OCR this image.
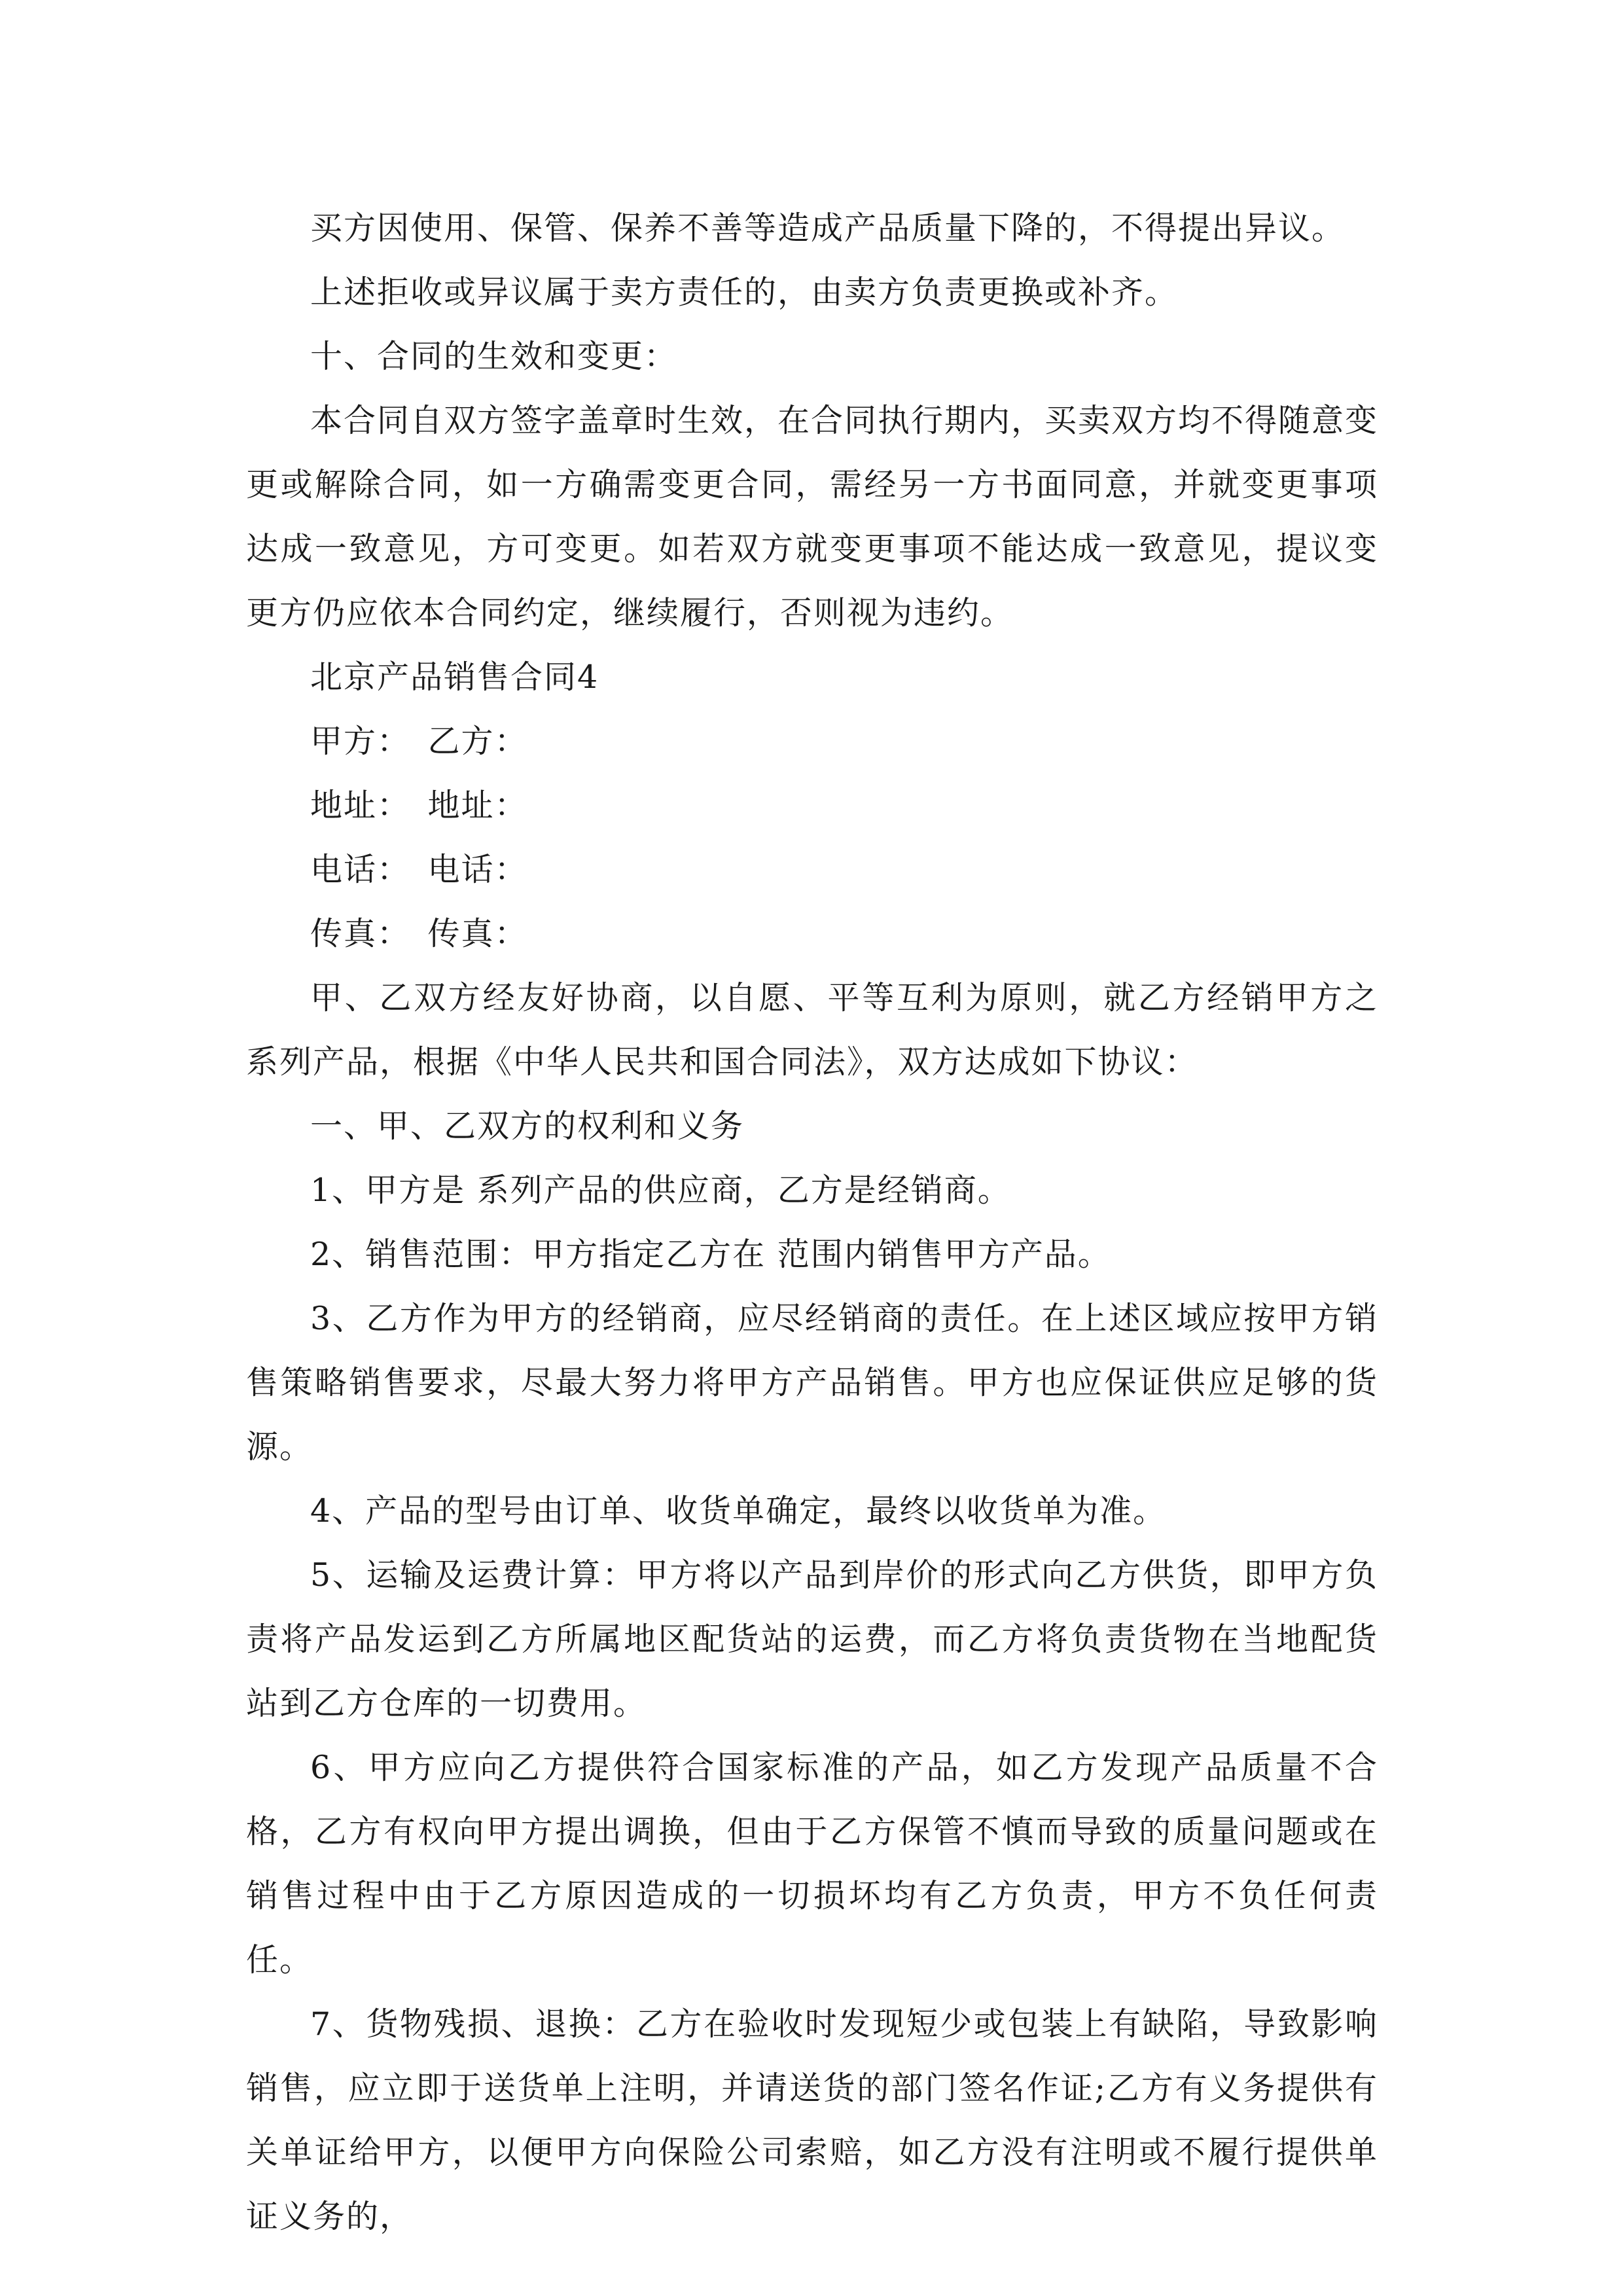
买方因使用、保管、保养不善等造成产品质量下降的，不得提出异议。

上述拒收或异议属于卖方责任的，由卖方负责更换或补齐。

十、合同的生效和变更：

本合同自双方签字盖章时生效，在合同执行期内，买卖双方均不得随意变更或解除合同，如一方确需变更合同，需经另一方书面同意，并就变更事项达成一致意见，方可变更。如若双方就变更事项不能达成一致意见，提议变更方仍应依本合同约定，继续履行，否则视为违约。

北京产品销售合同4

甲方：　乙方：

地址：　地址：

电话：　电话：

传真：　传真：

甲、乙双方经友好协商，以自愿、平等互利为原则，就乙方经销甲方之 系列产品，根据《中华人民共和国合同法》，双方达成如下协议：

一、甲、乙双方的权利和义务

1、甲方是 系列产品的供应商，乙方是经销商。

2、销售范围：甲方指定乙方在 范围内销售甲方产品。

3、乙方作为甲方的经销商，应尽经销商的责任。在上述区域应按甲方销售策略销售要求，尽最大努力将甲方产品销售。甲方也应保证供应足够的货源。

4、产品的型号由订单、收货单确定，最终以收货单为准。

5、运输及运费计算：甲方将以产品到岸价的形式向乙方供货，即甲方负责将产品发运到乙方所属地区配货站的运费，而乙方将负责货物在当地配货站到乙方仓库的一切费用。

6、甲方应向乙方提供符合国家标准的产品，如乙方发现产品质量不合格，乙方有权向甲方提出调换，但由于乙方保管不慎而导致的质量问题或在销售过程中由于乙方原因造成的一切损坏均有乙方负责，甲方不负任何责任。

7、货物残损、退换：乙方在验收时发现短少或包装上有缺陷，导致影响销售，应立即于送货单上注明，并请送货的部门签名作证;乙方有义务提供有关单证给甲方，以便甲方向保险公司索赔，如乙方没有注明或不履行提供单证义务的，
